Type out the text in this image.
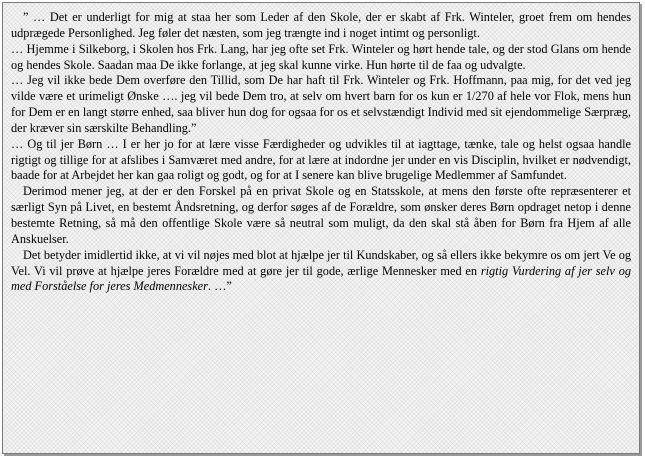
” … Det er underligt for mig at staa her som Leder af den Skole, der er skabt af Frk. Winteler, groet frem om hendes udprægede Personlighed. Jeg føler det næsten, som jeg trængte ind i noget intimt og personligt.

… Hjemme i Silkeborg, i Skolen hos Frk. Lang, har jeg ofte set Frk. Winteler og hørt hende tale, og der stod Glans om hende og hendes Skole. Saadan maa De ikke forlange, at jeg skal kunne virke. Hun hørte til de faa og udvalgte.

… Jeg vil ikke bede Dem overføre den Tillid, som De har haft til Frk. Winteler og Frk. Hoffmann, paa mig, for det ved jeg vilde være et urimeligt Ønske …. jeg vil bede Dem tro, at selv om hvert barn for os kun er 1/270 af hele vor Flok, mens hun for Dem er en langt større enhed, saa bliver hun dog for ogsaa for os et selvstændigt Individ med sit ejendommelige Særpræg, der kræver sin særskilte Behandling.”

… Og til jer Børn … I er her jo for at lære visse Færdigheder og udvikles til at iagttage, tænke, tale og helst ogsaa handle rigtigt og tillige for at afslibes i Samværet med andre, for at lære at indordne jer under en vis Disciplin, hvilket er nødvendigt, baade for at Arbejdet her kan gaa roligt og godt, og for at I senere kan blive brugelige Medlemmer af Samfundet.

Derimod mener jeg, at der er den Forskel på en privat Skole og en Statsskole, at mens den første ofte repræsenterer et særligt Syn på Livet, en bestemt Åndsretning, og derfor søges af de Forældre, som ønsker deres Børn opdraget netop i denne bestemte Retning, så må den offentlige Skole være så neutral som muligt, da den skal stå åben for Børn fra Hjem af alle Anskuelser.

Det betyder imidlertid ikke, at vi vil nøjes med blot at hjælpe jer til Kundskaber, og så ellers ikke bekymre os om jert Ve og Vel. Vi vil prøve at hjælpe jeres Forældre med at gøre jer til gode, ærlige Mennesker med en rigtig Vurdering af jer selv og med Forståelse for jeres Medmennesker. …”
